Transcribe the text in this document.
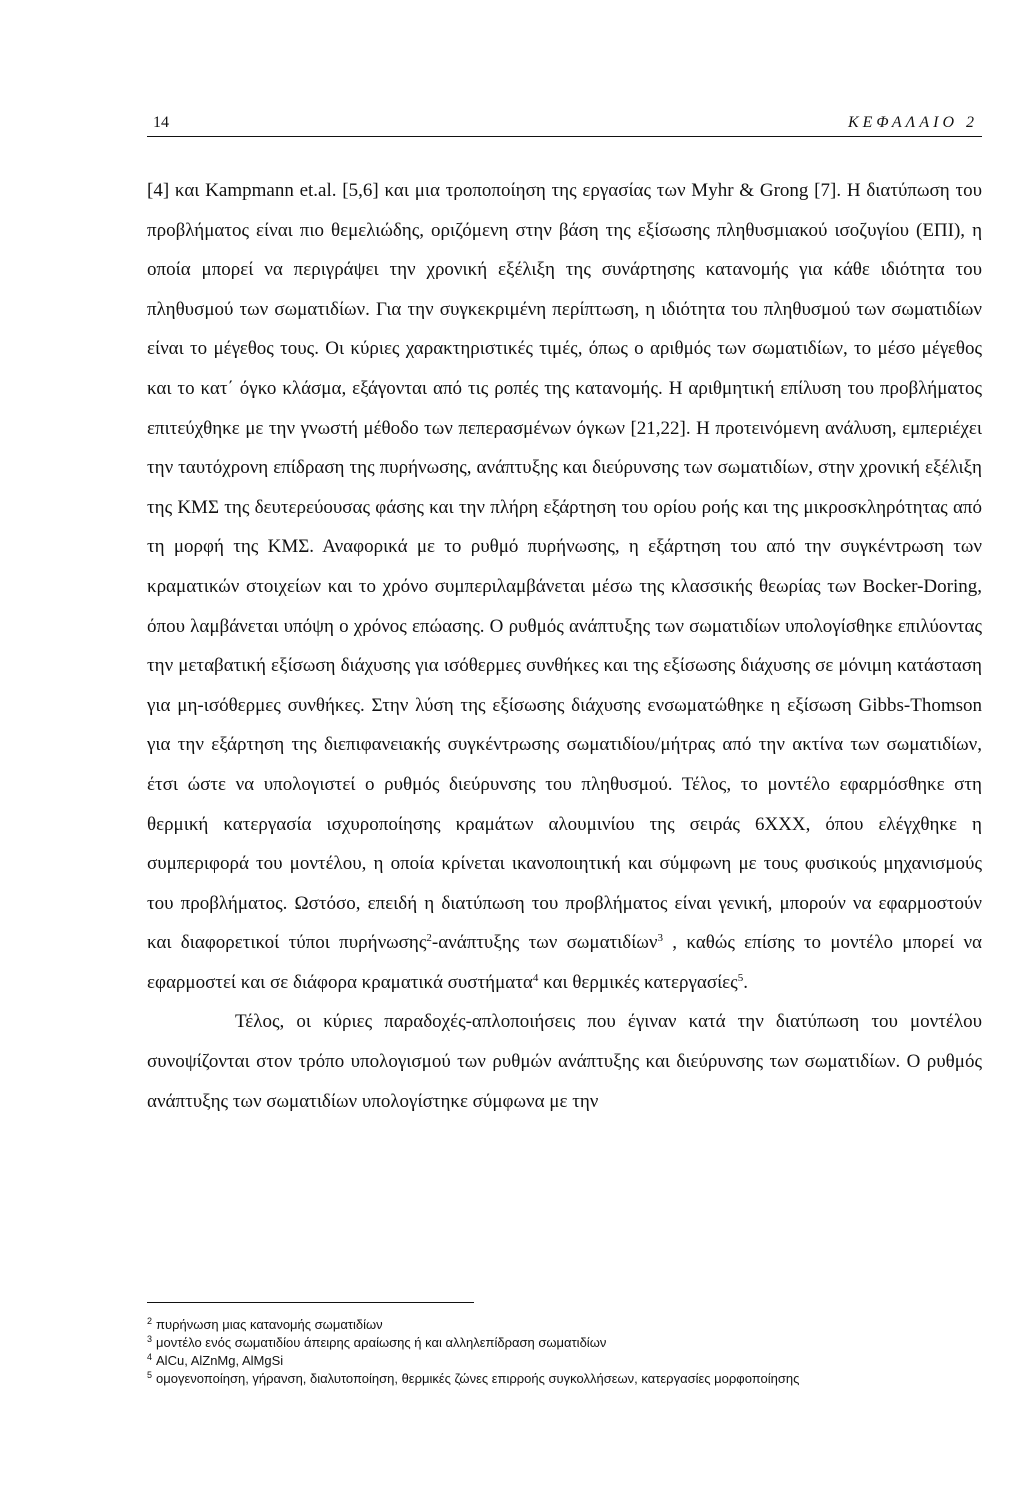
14	ΚΕΦΑΛΑΙΟ 2

[4] και Kampmann et.al. [5,6] και μια τροποποίηση της εργασίας των Myhr & Grong [7]. Η διατύπωση του προβλήματος είναι πιο θεμελιώδης, οριζόμενη στην βάση της εξίσωσης πληθυσμιακού ισοζυγίου (ΕΠΙ), η οποία μπορεί να περιγράψει την χρονική εξέλιξη της συνάρτησης κατανομής για κάθε ιδιότητα του πληθυσμού των σωματιδίων. Για την συγκεκριμένη περίπτωση, η ιδιότητα του πληθυσμού των σωματιδίων είναι το μέγεθος τους. Οι κύριες χαρακτηριστικές τιμές, όπως ο αριθμός των σωματιδίων, το μέσο μέγεθος και το κατ΄ όγκο κλάσμα, εξάγονται από τις ροπές της κατανομής. Η αριθμητική επίλυση του προβλήματος επιτεύχθηκε με την γνωστή μέθοδο των πεπερασμένων όγκων [21,22]. Η προτεινόμενη ανάλυση, εμπεριέχει την ταυτόχρονη επίδραση της πυρήνωσης, ανάπτυξης και διεύρυνσης των σωματιδίων, στην χρονική εξέλιξη της ΚΜΣ της δευτερεύουσας φάσης και την πλήρη εξάρτηση του ορίου ροής και της μικροσκληρότητας από τη μορφή της ΚΜΣ. Αναφορικά με το ρυθμό πυρήνωσης, η εξάρτηση του από την συγκέντρωση των κραματικών στοιχείων και το χρόνο συμπεριλαμβάνεται μέσω της κλασσικής θεωρίας των Bocker-Doring, όπου λαμβάνεται υπόψη ο χρόνος επώασης. Ο ρυθμός ανάπτυξης των σωματιδίων υπολογίσθηκε επιλύοντας την μεταβατική εξίσωση διάχυσης για ισόθερμες συνθήκες και της εξίσωσης διάχυσης σε μόνιμη κατάσταση για μη-ισόθερμες συνθήκες. Στην λύση της εξίσωσης διάχυσης ενσωματώθηκε η εξίσωση Gibbs-Thomson για την εξάρτηση της διεπιφανειακής συγκέντρωσης σωματιδίου/μήτρας από την ακτίνα των σωματιδίων, έτσι ώστε να υπολογιστεί ο ρυθμός διεύρυνσης του πληθυσμού. Τέλος, το μοντέλο εφαρμόσθηκε στη θερμική κατεργασία ισχυροποίησης κραμάτων αλουμινίου της σειράς 6ΧΧΧ, όπου ελέγχθηκε η συμπεριφορά του μοντέλου, η οποία κρίνεται ικανοποιητική και σύμφωνη με τους φυσικούς μηχανισμούς του προβλήματος. Ωστόσο, επειδή η διατύπωση του προβλήματος είναι γενική, μπορούν να εφαρμοστούν και διαφορετικοί τύποι πυρήνωσης$^2$-ανάπτυξης των σωματιδίων$^3$ , καθώς επίσης το μοντέλο μπορεί να εφαρμοστεί και σε διάφορα κραματικά συστήματα$^4$ και θερμικές κατεργασίες$^5$.

Τέλος, οι κύριες παραδοχές-απλοποιήσεις που έγιναν κατά την διατύπωση του μοντέλου συνοψίζονται στον τρόπο υπολογισμού των ρυθμών ανάπτυξης και διεύρυνσης των σωματιδίων. Ο ρυθμός ανάπτυξης των σωματιδίων υπολογίστηκε σύμφωνα με την

$^2$ πυρήνωση μιας κατανομής σωματιδίων
$^3$ μοντέλο ενός σωματιδίου άπειρης αραίωσης ή και αλληλεπίδραση σωματιδίων
$^4$ AlCu, AlZnMg, AlMgSi
$^5$ ομογενοποίηση, γήρανση, διαλυτοποίηση, θερμικές ζώνες επιρροής συγκολλήσεων, κατεργασίες μορφοποίησης
